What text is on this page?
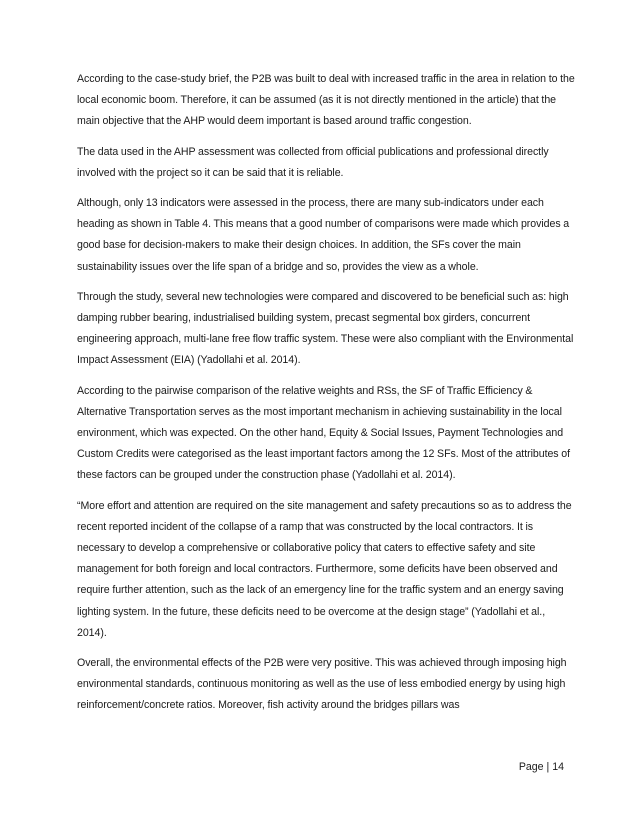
According to the case-study brief, the P2B was built to deal with increased traffic in the area in relation to the local economic boom. Therefore, it can be assumed (as it is not directly mentioned in the article) that the main objective that the AHP would deem important is based around traffic congestion.

The data used in the AHP assessment was collected from official publications and professional directly involved with the project so it can be said that it is reliable.

Although, only 13 indicators were assessed in the process, there are many sub-indicators under each heading as shown in Table 4. This means that a good number of comparisons were made which provides a good base for decision-makers to make their design choices. In addition, the SFs cover the main sustainability issues over the life span of a bridge and so, provides the view as a whole.

Through the study, several new technologies were compared and discovered to be beneficial such as: high damping rubber bearing, industrialised building system, precast segmental box girders, concurrent engineering approach, multi-lane free flow traffic system. These were also compliant with the Environmental Impact Assessment (EIA) (Yadollahi et al. 2014).

According to the pairwise comparison of the relative weights and RSs, the SF of Traffic Efficiency & Alternative Transportation serves as the most important mechanism in achieving sustainability in the local environment, which was expected. On the other hand, Equity & Social Issues, Payment Technologies and Custom Credits were categorised as the least important factors among the 12 SFs. Most of the attributes of these factors can be grouped under the construction phase (Yadollahi et al. 2014).

“More effort and attention are required on the site management and safety precautions so as to address the recent reported incident of the collapse of a ramp that was constructed by the local contractors. It is necessary to develop a comprehensive or collaborative policy that caters to effective safety and site management for both foreign and local contractors. Furthermore, some deficits have been observed and require further attention, such as the lack of an emergency line for the traffic system and an energy saving lighting system. In the future, these deficits need to be overcome at the design stage” (Yadollahi et al., 2014).

Overall, the environmental effects of the P2B were very positive. This was achieved through imposing high environmental standards, continuous monitoring as well as the use of less embodied energy by using high reinforcement/concrete ratios. Moreover, fish activity around the bridges pillars was

Page | 14
